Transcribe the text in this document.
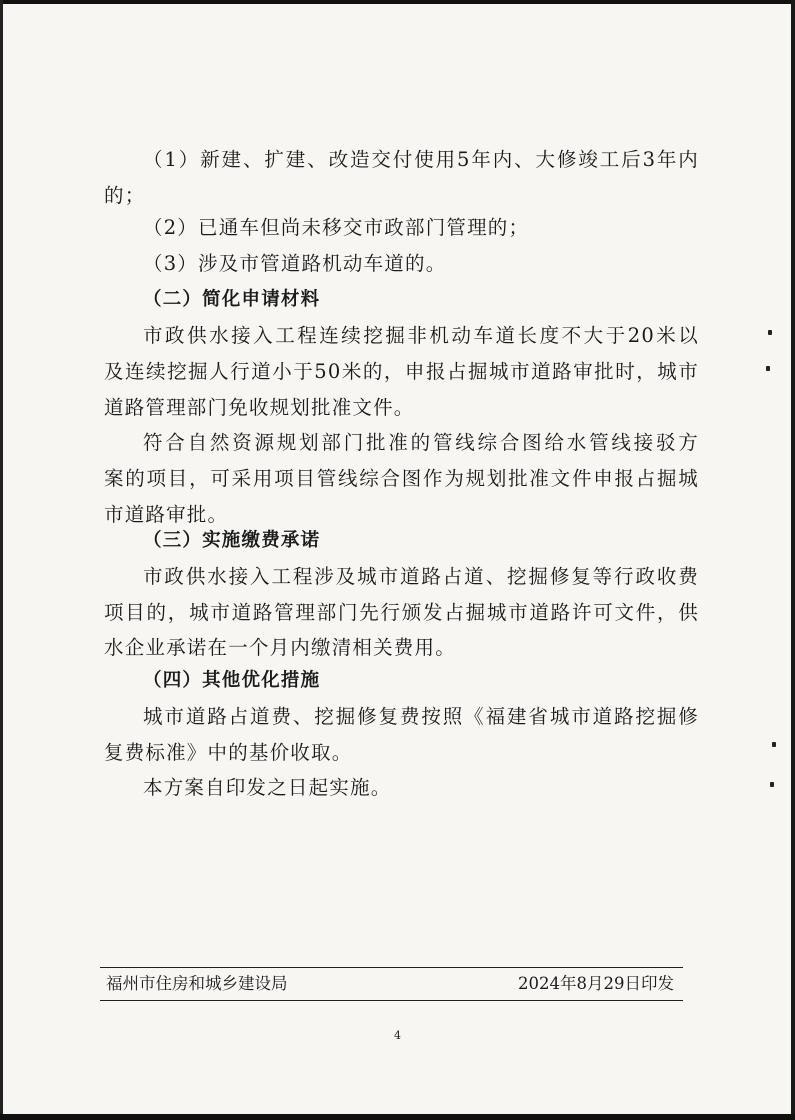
（1）新建、扩建、改造交付使用5年内、大修竣工后3年内
的；
（2）已通车但尚未移交市政部门管理的；
（3）涉及市管道路机动车道的。
（二）简化申请材料
市政供水接入工程连续挖掘非机动车道长度不大于20米以
及连续挖掘人行道小于50米的，申报占掘城市道路审批时，城市
道路管理部门免收规划批准文件。
符合自然资源规划部门批准的管线综合图给水管线接驳方
案的项目，可采用项目管线综合图作为规划批准文件申报占掘城
市道路审批。
（三）实施缴费承诺
市政供水接入工程涉及城市道路占道、挖掘修复等行政收费
项目的，城市道路管理部门先行颁发占掘城市道路许可文件，供
水企业承诺在一个月内缴清相关费用。
（四）其他优化措施
城市道路占道费、挖掘修复费按照《福建省城市道路挖掘修
复费标准》中的基价收取。
本方案自印发之日起实施。
福州市住房和城乡建设局	2024年8月29日印发
4
